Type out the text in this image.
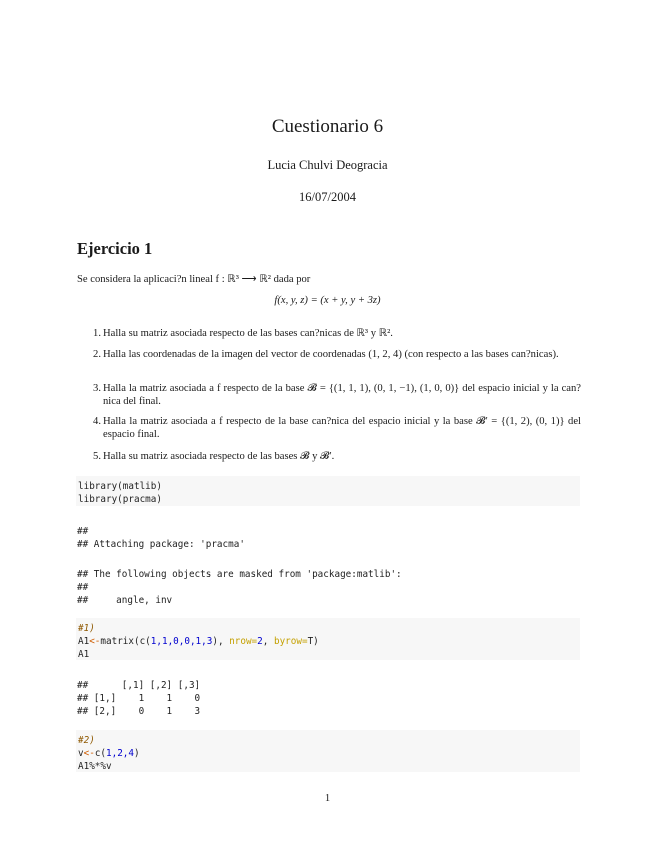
Cuestionario 6
Lucia Chulvi Deogracia
16/07/2004
Ejercicio 1
Se considera la aplicaci?n lineal f : ℝ³ ⟶ ℝ² dada por
f(x, y, z) = (x + y, y + 3z)
1. Halla su matriz asociada respecto de las bases can?nicas de ℝ³ y ℝ².
2. Halla las coordenadas de la imagen del vector de coordenadas (1, 2, 4) (con respecto a las bases can?nicas).
3. Halla la matriz asociada a f respecto de la base 𝓑 = {(1, 1, 1), (0, 1, −1), (1, 0, 0)} del espacio inicial y la can?nica del final.
4. Halla la matriz asociada a f respecto de la base can?nica del espacio inicial y la base 𝓑′ = {(1, 2), (0, 1)} del espacio final.
5. Halla su matriz asociada respecto de las bases 𝓑 y 𝓑′.
library(matlib)
library(pracma)
##
## Attaching package: 'pracma'
## The following objects are masked from 'package:matlib':
##
##     angle, inv
#1)
A1<-matrix(c(1,1,0,0,1,3), nrow=2, byrow=T)
A1
##      [,1] [,2] [,3]
## [1,]    1    1    0
## [2,]    0    1    3
#2)
v<-c(1,2,4)
A1%*%v
1
